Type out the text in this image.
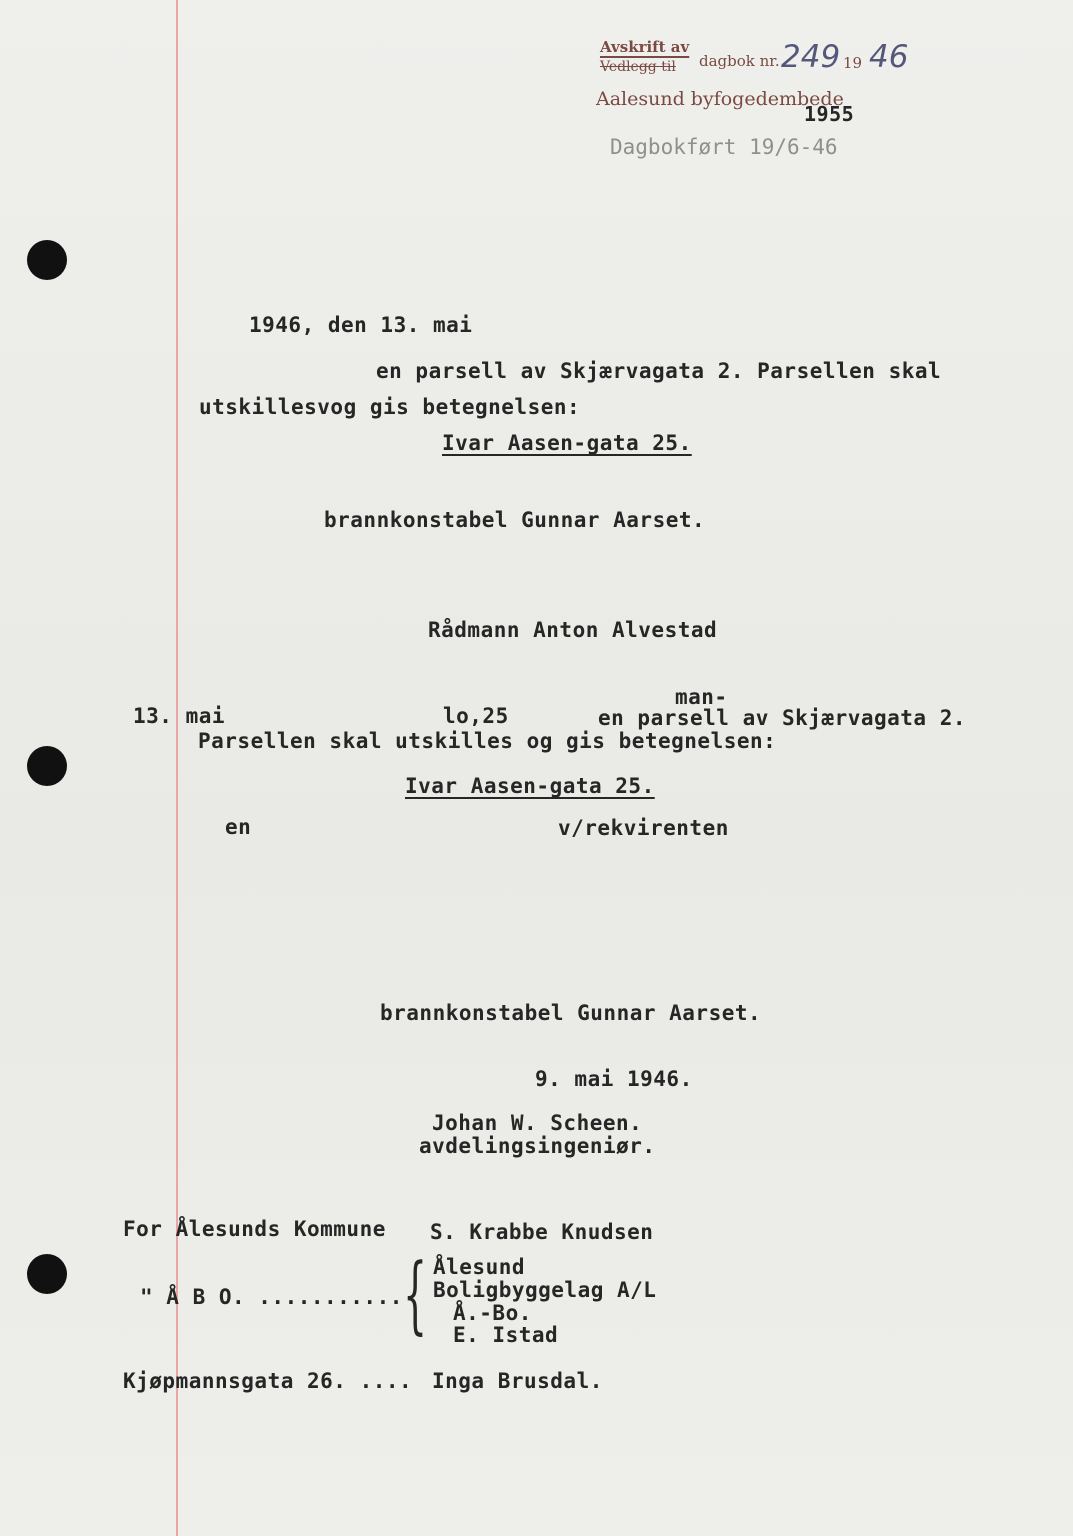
Avskrift av
Vedlegg til dagbok nr. 249 19 46
Aalesund byfogedembede
1955
Dagbokført 19/6-46
1946, den 13. mai
en parsell av Skjærvagata 2. Parsellen skal
utskillesvog gis betegnelsen:
Ivar Aasen-gata 25.
brannkonstabel Gunnar Aarset.
Rådmann Anton Alvestad
man-
13. mai	lo,25	en parsell av Skjærvagata 2.
Parsellen skal utskilles og gis betegnelsen:
Ivar Aasen-gata 25.
en	v/rekvirenten
brannkonstabel Gunnar Aarset.
9. mai 1946.
Johan W. Scheen.
avdelingsingeniør.
For Ålesunds Kommune S. Krabbe Knudsen
" Å B O. ........... { Ålesund
Boligbyggelag A/L
Å.-Bo.
E. Istad
Kjøpmannsgata 26. .... Inga Brusdal.
